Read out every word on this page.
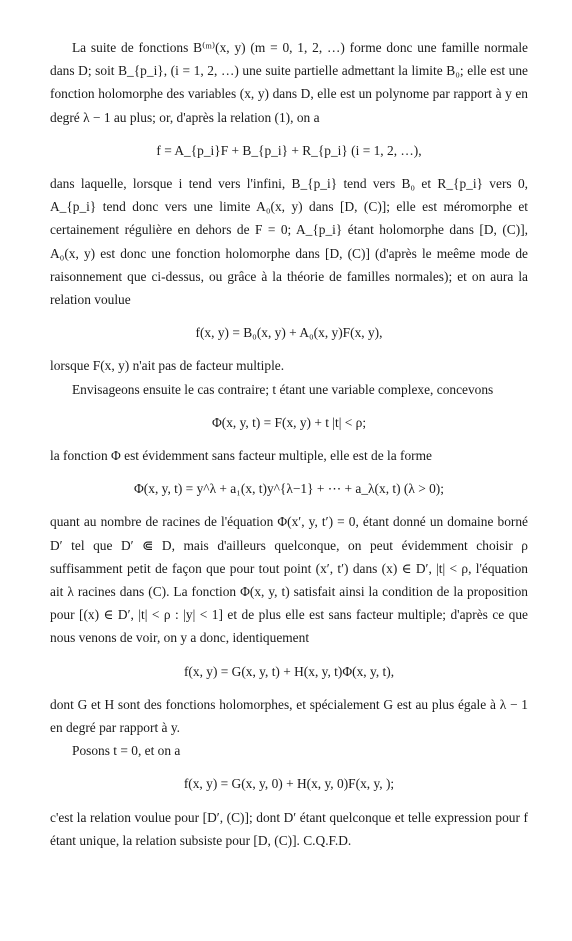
La suite de fonctions B⁽ᵐ⁾(x, y) (m = 0, 1, 2, …) forme donc une famille normale dans D; soit B_{p_i}, (i = 1, 2, …) une suite partielle admettant la limite B₀; elle est une fonction holomorphe des variables (x, y) dans D, elle est un polynome par rapport à y en degré λ − 1 au plus; or, d'après la relation (1), on a

f = A_{p_i}F + B_{p_i} + R_{p_i} (i = 1, 2, …),

dans laquelle, lorsque i tend vers l'infini, B_{p_i} tend vers B₀ et R_{p_i} vers 0, A_{p_i} tend donc vers une limite A₀(x, y) dans [D, (C)]; elle est méromorphe et certainement régulière en dehors de F = 0; A_{p_i} étant holomorphe dans [D, (C)], A₀(x, y) est donc une fonction holomorphe dans [D, (C)] (d'après le meême mode de raisonnement que ci-dessus, ou grâce à la théorie de familles normales); et on aura la relation voulue

f(x, y) = B₀(x, y) + A₀(x, y)F(x, y),

lorsque F(x, y) n'ait pas de facteur multiple.

Envisageons ensuite le cas contraire; t étant une variable complexe, concevons

Φ(x, y, t) = F(x, y) + t |t| < ρ;

la fonction Φ est évidemment sans facteur multiple, elle est de la forme

Φ(x, y, t) = y^λ + a₁(x, t)y^{λ−1} + ⋯ + a_λ(x, t) (λ > 0);

quant au nombre de racines de l'équation Φ(x′, y, t′) = 0, étant donné un domaine borné D′ tel que D′ ⋐ D, mais d'ailleurs quelconque, on peut évidemment choisir ρ suffisamment petit de façon que pour tout point (x′, t′) dans (x) ∈ D′, |t| < ρ, l'équation ait λ racines dans (C). La fonction Φ(x, y, t) satisfait ainsi la condition de la proposition pour [(x) ∈ D′, |t| < ρ : |y| < 1] et de plus elle est sans facteur multiple; d'après ce que nous venons de voir, on y a donc, identiquement

f(x, y) = G(x, y, t) + H(x, y, t)Φ(x, y, t),

dont G et H sont des fonctions holomorphes, et spécialement G est au plus égale à λ − 1 en degré par rapport à y.

Posons t = 0, et on a

f(x, y) = G(x, y, 0) + H(x, y, 0)F(x, y, );

c'est la relation voulue pour [D′, (C)]; dont D′ étant quelconque et telle expression pour f étant unique, la relation subsiste pour [D, (C)]. C.Q.F.D.
